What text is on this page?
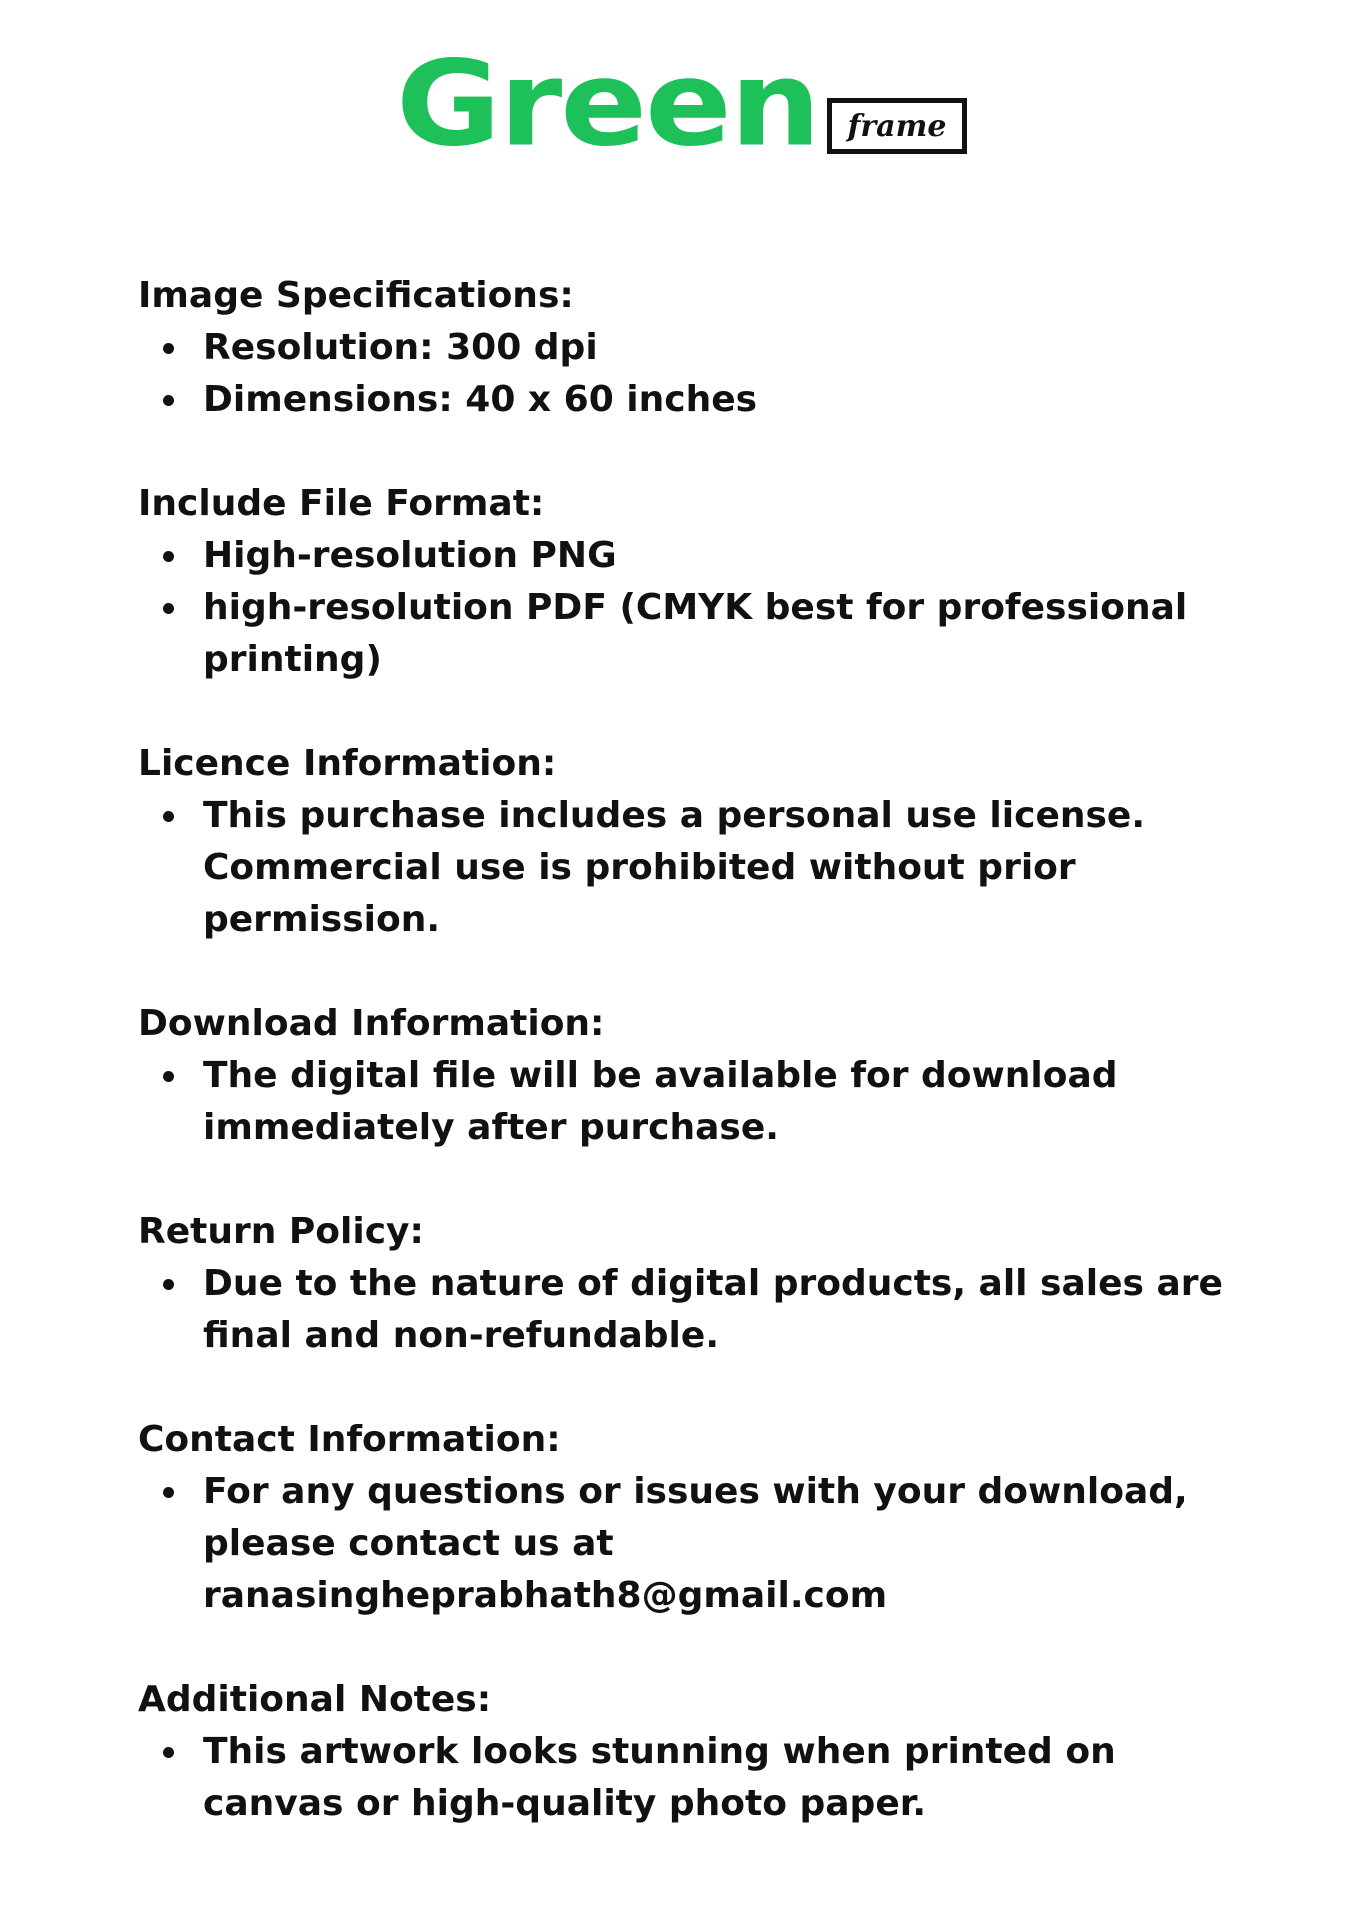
Green frame

Image Specifications:

Resolution: 300 dpi
Dimensions: 40 x 60 inches

Include File Format:

High-resolution PNG
high-resolution PDF (CMYK best for professional printing)

Licence Information:

This purchase includes a personal use license. Commercial use is prohibited without prior permission.

Download Information:

The digital file will be available for download immediately after purchase.

Return Policy:

Due to the nature of digital products, all sales are final and non-refundable.

Contact Information:

For any questions or issues with your download, please contact us at ranasingheprabhath8@gmail.com

Additional Notes:

This artwork looks stunning when printed on canvas or high-quality photo paper.
